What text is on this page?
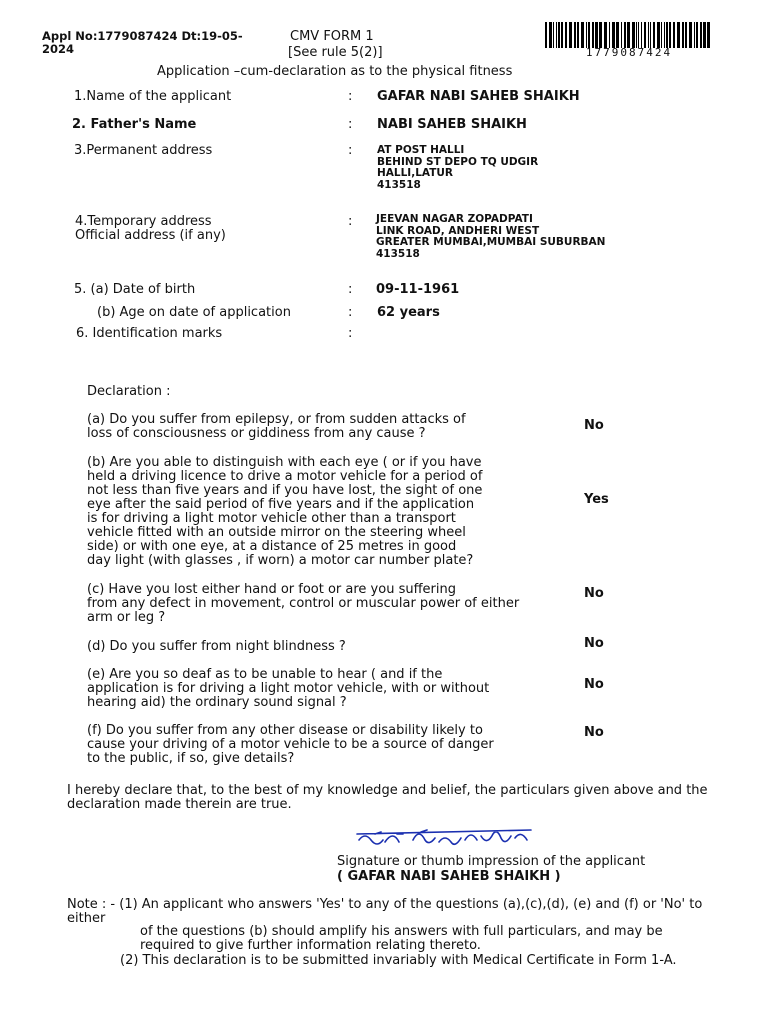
Appl No:1779087424 Dt:19-05-
2024
CMV FORM 1
[See rule 5(2)]	1779087424
Application –cum-declaration as to the physical fitness
1.Name of the applicant	: GAFAR NABI SAHEB SHAIKH
2. Father's Name	: NABI SAHEB SHAIKH
3.Permanent address	: AT POST HALLI
BEHIND ST DEPO TQ UDGIR
HALLI,LATUR
413518
4.Temporary address
Official address (if any)
: JEEVAN NAGAR ZOPADPATI
LINK ROAD, ANDHERI WEST
GREATER MUMBAI,MUMBAI SUBURBAN
413518
5. (a) Date of birth	: 09-11-1961
(b) Age on date of application	: 62 years
6. Identification marks	:
Declaration :
(a) Do you suffer from epilepsy, or from sudden attacks of
loss of consciousness or giddiness from any cause ?
No
(b) Are you able to distinguish with each eye ( or if you have
held a driving licence to drive a motor vehicle for a period of
not less than five years and if you have lost, the sight of one
eye after the said period of five years and if the application
is for driving a light motor vehicle other than a transport
vehicle fitted with an outside mirror on the steering wheel
side) or with one eye, at a distance of 25 metres in good
day light (with glasses , if worn) a motor car number plate?
Yes
(c) Have you lost either hand or foot or are you suffering
from any defect in movement, control or muscular power of either
arm or leg ?
No
(d) Do you suffer from night blindness ?	No
(e) Are you so deaf as to be unable to hear ( and if the
application is for driving a light motor vehicle, with or without
hearing aid) the ordinary sound signal ?
No
(f) Do you suffer from any other disease or disability likely to
cause your driving of a motor vehicle to be a source of danger
to the public, if so, give details?
No
I hereby declare that, to the best of my knowledge and belief, the particulars given above and the
declaration made therein are true.
Signature or thumb impression of the applicant
( GAFAR NABI SAHEB SHAIKH )
Note : - (1) An applicant who answers 'Yes' to any of the questions (a),(c),(d), (e) and (f) or 'No' to
either
of the questions (b) should amplify his answers with full particulars, and may be
required to give further information relating thereto.
(2) This declaration is to be submitted invariably with Medical Certificate in Form 1-A.
